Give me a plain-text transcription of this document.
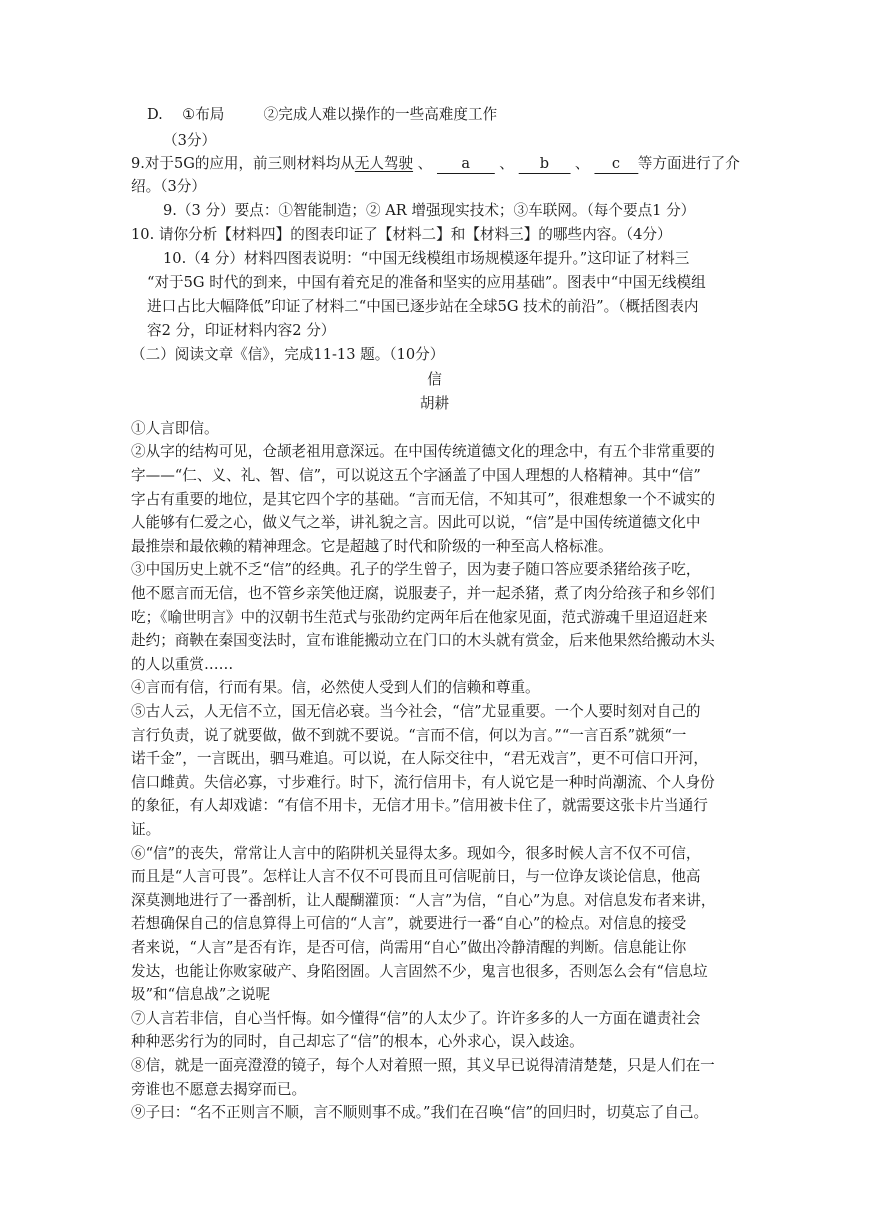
D. ①布局	②完成人难以操作的一些高难度工作
（3分）
9.对于5G的应用，前三则材料均从无人驾驶 、 a 、 b 、 c 等方面进行了介
绍。（3分）
9.（3 分）要点：①智能制造；② AR 增强现实技术；③车联网。（每个要点1 分）
10. 请你分析【材料四】的图表印证了【材料二】和【材料三】的哪些内容。（4分）
10.（4 分）材料四图表说明：“中国无线模组市场规模逐年提升。”这印证了材料三
“对于5G 时代的到来，中国有着充足的准备和坚实的应用基础”。图表中“中国无线模组
进口占比大幅降低”印证了材料二“中国已逐步站在全球5G 技术的前沿”。（概括图表内
容2 分，印证材料内容2 分）
（二）阅读文章《信》，完成11-13 题。（10分）
信
胡耕
①人言即信。
②从字的结构可见，仓颉老祖用意深远。在中国传统道德文化的理念中，有五个非常重要的
字——“仁、义、礼、智、信”，可以说这五个字涵盖了中国人理想的人格精神。其中“信”
字占有重要的地位，是其它四个字的基础。“言而无信，不知其可”，很难想象一个不诚实的
人能够有仁爱之心，做义气之举，讲礼貌之言。因此可以说，“信”是中国传统道德文化中
最推崇和最依赖的精神理念。它是超越了时代和阶级的一种至高人格标准。
③中国历史上就不乏“信”的经典。孔子的学生曾子，因为妻子随口答应要杀猪给孩子吃，
他不愿言而无信，也不管乡亲笑他迂腐，说服妻子，并一起杀猪，煮了肉分给孩子和乡邻们
吃；《喻世明言》中的汉朝书生范式与张劭约定两年后在他家见面，范式游魂千里迢迢赶来
赴约；商鞅在秦国变法时，宣布谁能搬动立在门口的木头就有赏金，后来他果然给搬动木头
的人以重赏……
④言而有信，行而有果。信，必然使人受到人们的信赖和尊重。
⑤古人云，人无信不立，国无信必衰。当今社会，“信”尤显重要。一个人要时刻对自己的
言行负责，说了就要做，做不到就不要说。“言而不信，何以为言。”“一言百系”就须“一
诺千金”，一言既出，驷马难追。可以说，在人际交往中，“君无戏言”，更不可信口开河，
信口雌黄。失信必寡，寸步难行。时下，流行信用卡，有人说它是一种时尚潮流、个人身份
的象征，有人却戏谑：“有信不用卡，无信才用卡。”信用被卡住了，就需要这张卡片当通行
证。
⑥“信”的丧失，常常让人言中的陷阱机关显得太多。现如今，很多时候人言不仅不可信，
而且是“人言可畏”。怎样让人言不仅不可畏而且可信呢前日，与一位诤友谈论信息，他高
深莫测地进行了一番剖析，让人醍醐灌顶：“人言”为信，“自心”为息。对信息发布者来讲，
若想确保自己的信息算得上可信的“人言”，就要进行一番“自心”的检点。对信息的接受
者来说，“人言”是否有诈，是否可信，尚需用“自心”做出冷静清醒的判断。信息能让你
发达，也能让你败家破产、身陷囹圄。人言固然不少，鬼言也很多，否则怎么会有“信息垃
圾”和“信息战”之说呢
⑦人言若非信，自心当忏悔。如今懂得“信”的人太少了。许许多多的人一方面在谴责社会
种种恶劣行为的同时，自己却忘了“信”的根本，心外求心，误入歧途。
⑧信，就是一面亮澄澄的镜子，每个人对着照一照，其义早已说得清清楚楚，只是人们在一
旁谁也不愿意去揭穿而已。
⑨子曰：“名不正则言不顺，言不顺则事不成。”我们在召唤“信”的回归时，切莫忘了自己。
